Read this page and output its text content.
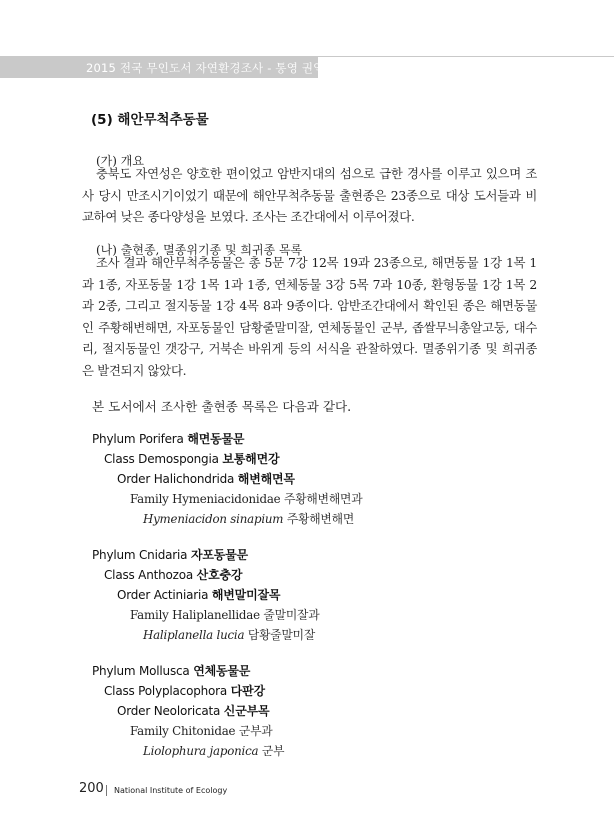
2015 전국 무인도서 자연환경조사 - 통영 권역
(5) 해안무척추동물
(가) 개요

충북도 자연성은 양호한 편이었고 암반지대의 섬으로 급한 경사를 이루고 있으며 조사 당시 만조시기이었기 때문에 해안무척추동물 출현종은 23종으로 대상 도서들과 비교하여 낮은 종다양성을 보였다. 조사는 조간대에서 이루어졌다.

(나) 출현종, 멸종위기종 및 희귀종 목록

조사 결과 해안무척추동물은 총 5문 7강 12목 19과 23종으로, 해면동물 1강 1목 1과 1종, 자포동물 1강 1목 1과 1종, 연체동물 3강 5목 7과 10종, 환형동물 1강 1목 2과 2종, 그리고 절지동물 1강 4목 8과 9종이다. 암반조간대에서 확인된 종은 해면동물인 주황해변해면, 자포동물인 담황줄말미잘, 연체동물인 군부, 좁쌀무늬총알고둥, 대수리, 절지동물인 갯강구, 거북손 바위게 등의 서식을 관찰하였다. 멸종위기종 및 희귀종은 발견되지 않았다.

본 도서에서 조사한 출현종 목록은 다음과 같다.
Phylum Porifera 해면동물문
Class Demospongia 보통해면강
Order Halichondrida 해변해면목
Family Hymeniacidonidae 주황해변해면과
Hymeniacidon sinapium 주황해변해면
Phylum Cnidaria 자포동물문
Class Anthozoa 산호충강
Order Actiniaria 해변말미잘목
Family Haliplanellidae 줄말미잘과
Haliplanella lucia 담황줄말미잘
Phylum Mollusca 연체동물문
Class Polyplacophora 다판강
Order Neoloricata 신군부목
Family Chitonidae 군부과
Liolophura japonica 군부
200 National Institute of Ecology
